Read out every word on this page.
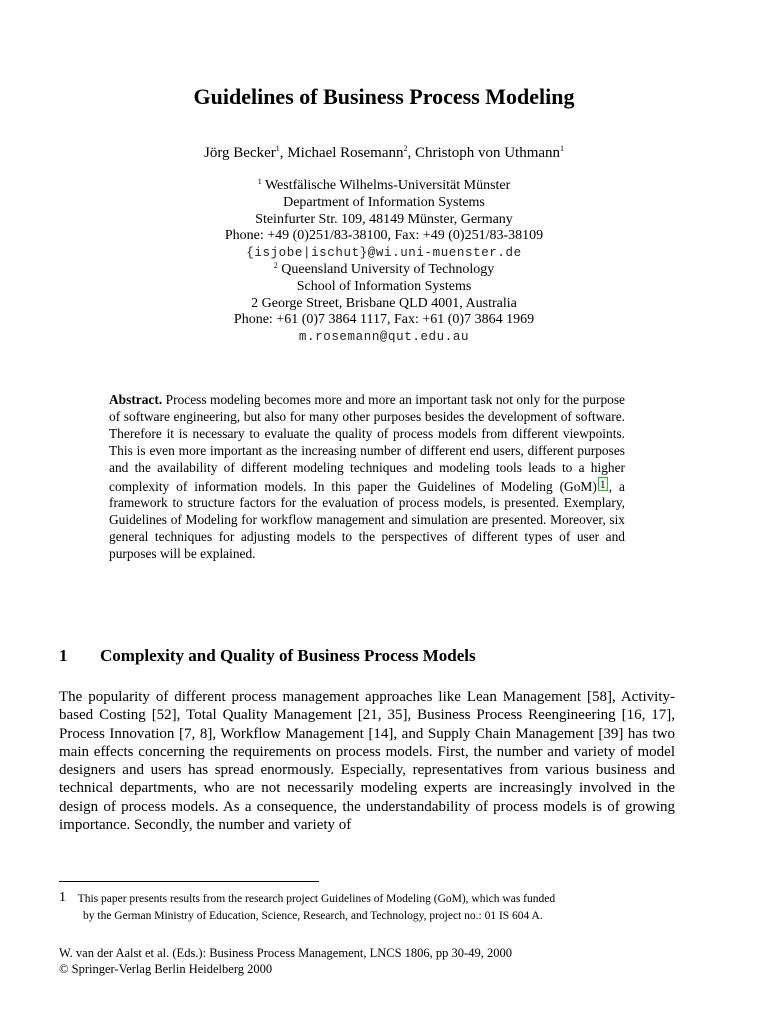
Guidelines of Business Process Modeling
Jörg Becker$^1$, Michael Rosemann$^2$, Christoph von Uthmann$^1$
$^1$ Westfälische Wilhelms-Universität Münster
Department of Information Systems
Steinfurter Str. 109, 48149 Münster, Germany
Phone: +49 (0)251/83-38100, Fax: +49 (0)251/83-38109
{isjobe|ischut}@wi.uni-muenster.de
$^2$ Queensland University of Technology
School of Information Systems
2 George Street, Brisbane QLD 4001, Australia
Phone: +61 (0)7 3864 1117, Fax: +61 (0)7 3864 1969
m.rosemann@qut.edu.au
Abstract. Process modeling becomes more and more an important task not only for the purpose of software engineering, but also for many other purposes besides the development of software. Therefore it is necessary to evaluate the quality of process models from different viewpoints. This is even more important as the increasing number of different end users, different purposes and the availability of different modeling techniques and modeling tools leads to a higher complexity of information models. In this paper the Guidelines of Modeling (GoM) 1 , a framework to structure factors for the evaluation of process models, is presented. Exemplary, Guidelines of Modeling for workflow management and simulation are presented. Moreover, six general techniques for adjusting models to the perspectives of different types of user and purposes will be explained.
1 Complexity and Quality of Business Process Models
The popularity of different process management approaches like Lean Management [58], Activity-based Costing [52], Total Quality Management [21, 35], Business Process Reengineering [16, 17], Process Innovation [7, 8], Workflow Management [14], and Supply Chain Management [39] has two main effects concerning the requirements on process models. First, the number and variety of model designers and users has spread enormously. Especially, representatives from various business and technical departments, who are not necessarily modeling experts are increasingly involved in the design of process models. As a consequence, the understandability of process models is of growing importance. Secondly, the number and variety of
1 This paper presents results from the research project Guidelines of Modeling (GoM), which was funded
by the German Ministry of Education, Science, Research, and Technology, project no.: 01 IS 604 A.
W. van der Aalst et al. (Eds.): Business Process Management, LNCS 1806, pp 30-49, 2000
© Springer-Verlag Berlin Heidelberg 2000
